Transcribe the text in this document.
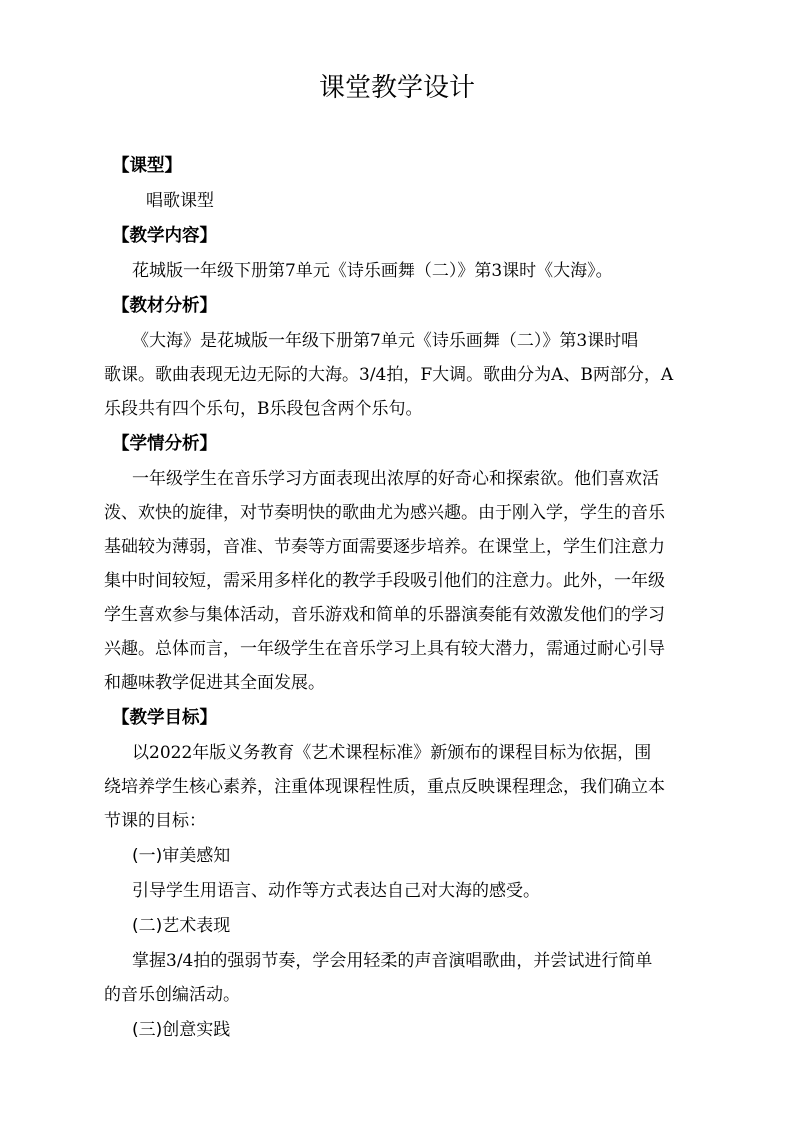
课堂教学设计
【课型】
唱歌课型
【教学内容】
花城版一年级下册第7单元《诗乐画舞（二）》第3课时《大海》。
【教材分析】
《大海》是花城版一年级下册第7单元《诗乐画舞（二）》第3课时唱
歌课。歌曲表现无边无际的大海。3/4拍，F大调。歌曲分为A、B两部分，A
乐段共有四个乐句，B乐段包含两个乐句。
【学情分析】
一年级学生在音乐学习方面表现出浓厚的好奇心和探索欲。他们喜欢活
泼、欢快的旋律，对节奏明快的歌曲尤为感兴趣。由于刚入学，学生的音乐
基础较为薄弱，音准、节奏等方面需要逐步培养。在课堂上，学生们注意力
集中时间较短，需采用多样化的教学手段吸引他们的注意力。此外，一年级
学生喜欢参与集体活动，音乐游戏和简单的乐器演奏能有效激发他们的学习
兴趣。总体而言，一年级学生在音乐学习上具有较大潜力，需通过耐心引导
和趣味教学促进其全面发展。
【教学目标】
以2022年版义务教育《艺术课程标准》新颁布的课程目标为依据，围
绕培养学生核心素养，注重体现课程性质，重点反映课程理念，我们确立本
节课的目标：
(一)审美感知
引导学生用语言、动作等方式表达自己对大海的感受。
(二)艺术表现
掌握3/4拍的强弱节奏，学会用轻柔的声音演唱歌曲，并尝试进行简单
的音乐创编活动。
(三)创意实践
